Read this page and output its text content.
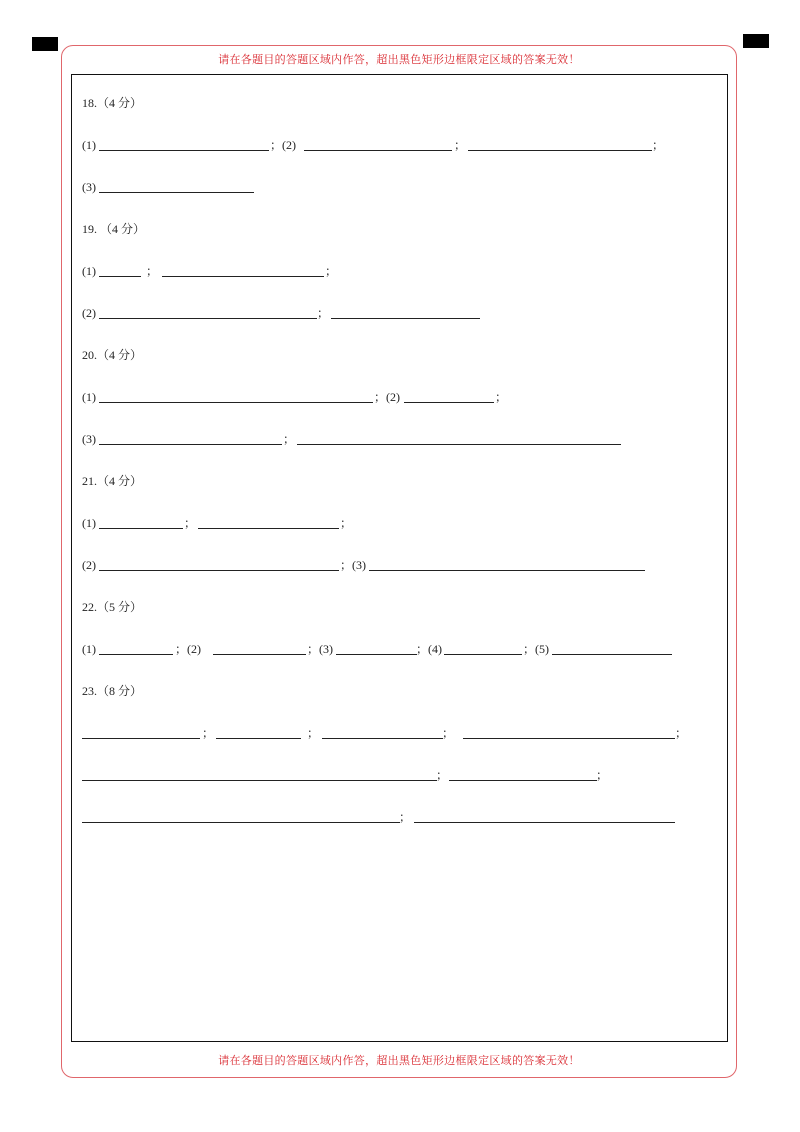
请在各题目的答题区域内作答，超出黑色矩形边框限定区域的答案无效！
请在各题目的答题区域内作答，超出黑色矩形边框限定区域的答案无效！
18.（4 分）
(1)	；(2)	；	；
(3)
19. （4 分）
(1)	；	；
(2)	；
20.（4 分）
(1)	；(2)	；
(3)	；
21.（4 分）
(1)	；	；
(2)	；(3)
22.（5 分）
(1)	；(2)	；(3)	；(4)	；(5)
23.（8 分）
；	；	；	；
；	；
；
